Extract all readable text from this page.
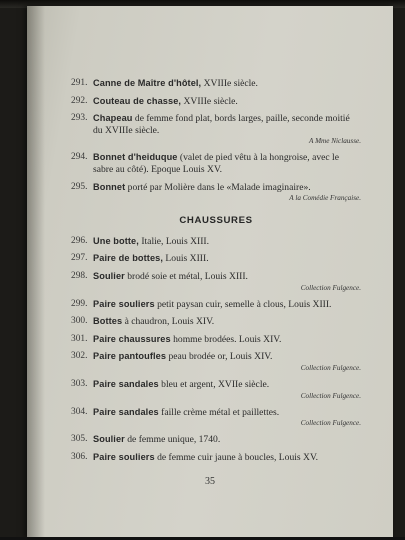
291. Canne de Maître d'hôtel, XVIIIe siècle.
292. Couteau de chasse, XVIIIe siècle.
293. Chapeau de femme fond plat, bords larges, paille, seconde moitié du XVIIIe siècle.
A Mme Niclausse.
294. Bonnet d'heiduque (valet de pied vêtu à la hongroise, avec le sabre au côté). Epoque Louis XV.
295. Bonnet porté par Molière dans le «Malade imaginaire».
A la Comédie Française.
CHAUSSURES
296. Une botte, Italie, Louis XIII.
297. Paire de bottes, Louis XIII.
298. Soulier brodé soie et métal, Louis XIII.
Collection Fulgence.
299. Paire souliers petit paysan cuir, semelle à clous, Louis XIII.
300. Bottes à chaudron, Louis XIV.
301. Paire chaussures homme brodées. Louis XIV.
302. Paire pantoufles peau brodée or, Louis XIV.
Collection Fulgence.
303. Paire sandales bleu et argent, XVIIe siècle.
Collection Fulgence.
304. Paire sandales faille crème métal et paillettes.
Collection Fulgence.
305. Soulier de femme unique, 1740.
306. Paire souliers de femme cuir jaune à boucles, Louis XV.
35
